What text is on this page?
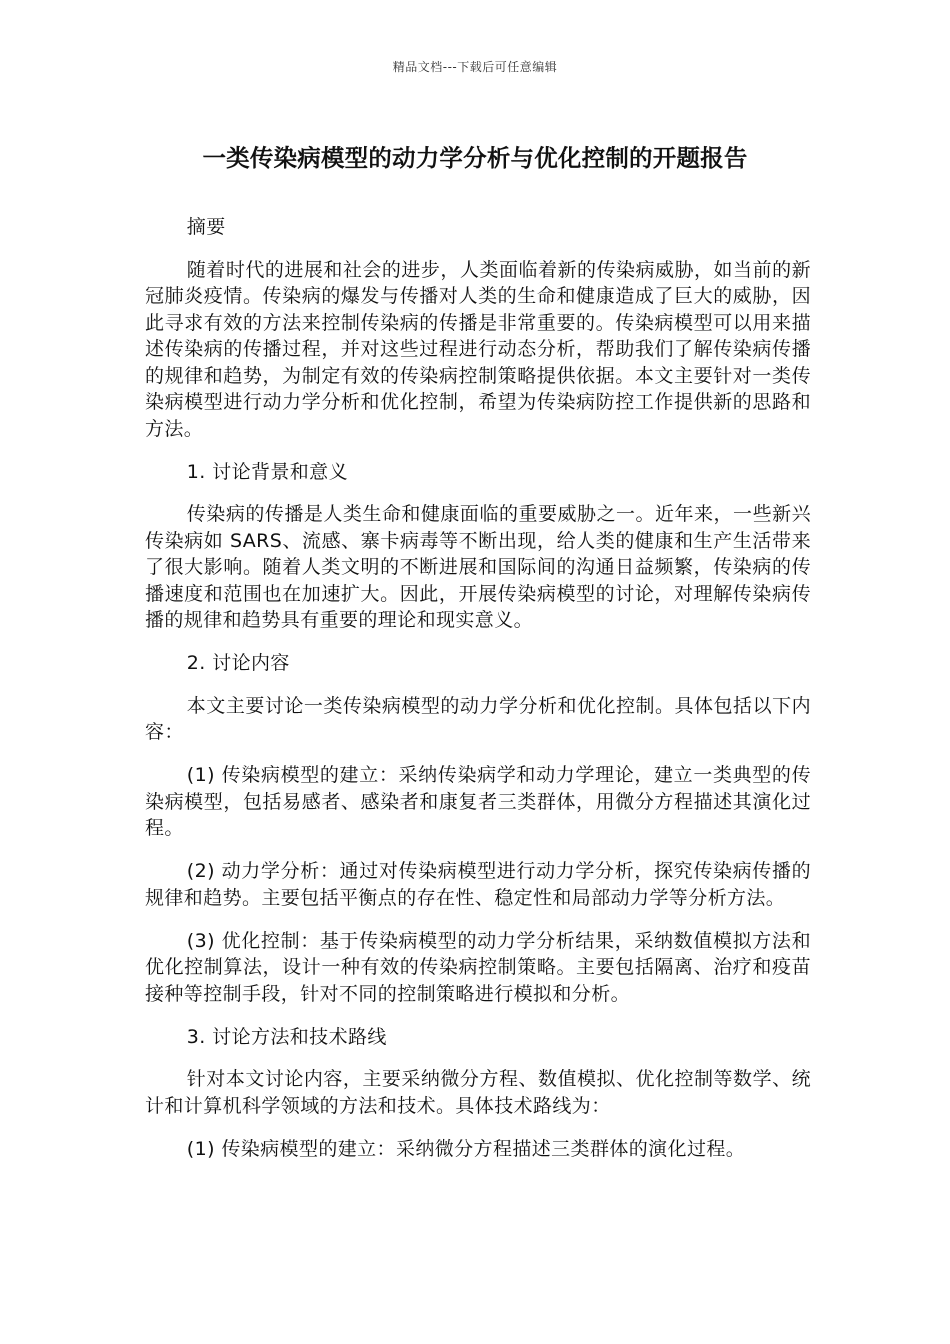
精品文档---下载后可任意编辑
一类传染病模型的动力学分析与优化控制的开题报告

摘要

随着时代的进展和社会的进步，人类面临着新的传染病威胁，如当前的新冠肺炎疫情。传染病的爆发与传播对人类的生命和健康造成了巨大的威胁，因此寻求有效的方法来控制传染病的传播是非常重要的。传染病模型可以用来描述传染病的传播过程，并对这些过程进行动态分析，帮助我们了解传染病传播的规律和趋势，为制定有效的传染病控制策略提供依据。本文主要针对一类传染病模型进行动力学分析和优化控制，希望为传染病防控工作提供新的思路和方法。

1. 讨论背景和意义

传染病的传播是人类生命和健康面临的重要威胁之一。近年来，一些新兴传染病如 SARS、流感、寨卡病毒等不断出现，给人类的健康和生产生活带来了很大影响。随着人类文明的不断进展和国际间的沟通日益频繁，传染病的传播速度和范围也在加速扩大。因此，开展传染病模型的讨论，对理解传染病传播的规律和趋势具有重要的理论和现实意义。

2. 讨论内容

本文主要讨论一类传染病模型的动力学分析和优化控制。具体包括以下内容：

(1) 传染病模型的建立：采纳传染病学和动力学理论，建立一类典型的传染病模型，包括易感者、感染者和康复者三类群体，用微分方程描述其演化过程。

(2) 动力学分析：通过对传染病模型进行动力学分析，探究传染病传播的规律和趋势。主要包括平衡点的存在性、稳定性和局部动力学等分析方法。

(3) 优化控制：基于传染病模型的动力学分析结果，采纳数值模拟方法和优化控制算法，设计一种有效的传染病控制策略。主要包括隔离、治疗和疫苗接种等控制手段，针对不同的控制策略进行模拟和分析。

3. 讨论方法和技术路线

针对本文讨论内容，主要采纳微分方程、数值模拟、优化控制等数学、统计和计算机科学领域的方法和技术。具体技术路线为：

(1) 传染病模型的建立：采纳微分方程描述三类群体的演化过程。
